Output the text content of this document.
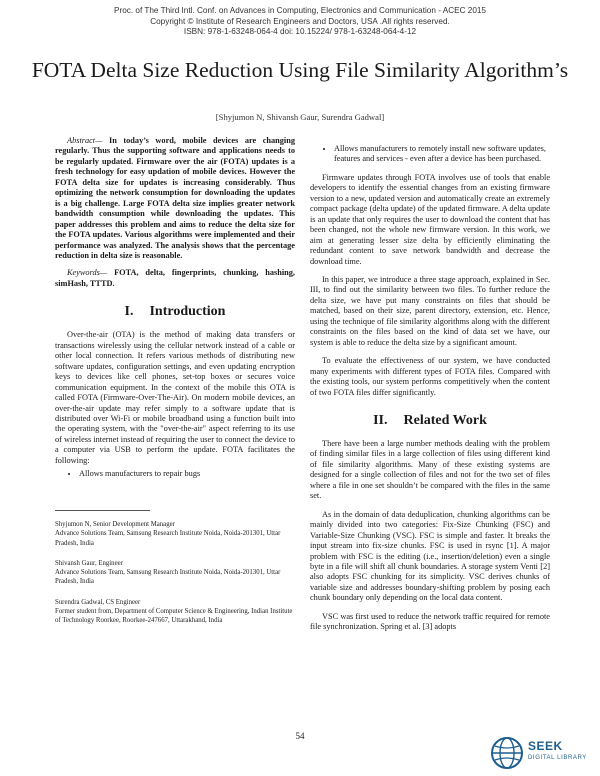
Proc. of The Third Intl. Conf. on Advances in Computing, Electronics and Communication - ACEC 2015
Copyright © Institute of Research Engineers and Doctors, USA .All rights reserved.
ISBN: 978-1-63248-064-4 doi: 10.15224/ 978-1-63248-064-4-12
FOTA Delta Size Reduction Using File Similarity Algorithm’s
[Shyjumon N, Shivansh Gaur, Surendra Gadwal]

Abstract— In today’s word, mobile devices are changing regularly. Thus the supporting software and applications needs to be regularly updated. Firmware over the air (FOTA) updates is a fresh technology for easy updation of mobile devices. However the FOTA delta size for updates is increasing considerably. Thus optimizing the network consumption for downloading the updates is a big challenge. Large FOTA delta size implies greater network bandwidth consumption while downloading the updates. This paper addresses this problem and aims to reduce the delta size for the FOTA updates. Various algorithms were implemented and their performance was analyzed. The analysis shows that the percentage reduction in delta size is reasonable.

Keywords— FOTA, delta, fingerprints, chunking, hashing, simHash, TTTD.

I. Introduction

Over-the-air (OTA) is the method of making data transfers or transactions wirelessly using the cellular network instead of a cable or other local connection. It refers various methods of distributing new software updates, configuration settings, and even updating encryption keys to devices like cell phones, set-top boxes or secures voice communication equipment. In the context of the mobile this OTA is called FOTA (Firmware-Over-The-Air). On modern mobile devices, an over-the-air update may refer simply to a software update that is distributed over Wi-Fi or mobile broadband using a function built into the operating system, with the "over-the-air" aspect referring to its use of wireless internet instead of requiring the user to connect the device to a computer via USB to perform the update. FOTA facilitates the following:

• Allows manufacturers to repair bugs
Shyjumon N, Senior Development Manager
Advance Solutions Team, Samsung Research Institute Noida, Noida-201301, Uttar Pradesh, India
Shivansh Gaur, Engineer
Advance Solutions Team, Samsung Research Institute Noida, Noida-201301, Uttar Pradesh, India
Surendra Gadwal, CS Engineer
Former student from, Department of Computer Science & Engineering, Indian Institute of Technology Roorkee, Roorkee-247667, Uttarakhand, India
• Allows manufacturers to remotely install new software updates, features and services - even after a device has been purchased.

Firmware updates through FOTA involves use of tools that enable developers to identify the essential changes from an existing firmware version to a new, updated version and automatically create an extremely compact package (delta update) of the updated firmware. A delta update is an update that only requires the user to download the content that has been changed, not the whole new firmware version. In this work, we aim at generating lesser size delta by efficiently eliminating the redundant content to save network bandwidth and decrease the download time.

In this paper, we introduce a three stage approach, explained in Sec. III, to find out the similarity between two files. To further reduce the delta size, we have put many constraints on files that should be matched, based on their size, parent directory, extension, etc. Hence, using the technique of file similarity algorithms along with the different constraints on the files based on the kind of data set we have, our system is able to reduce the delta size by a significant amount.

To evaluate the effectiveness of our system, we have conducted many experiments with different types of FOTA files. Compared with the existing tools, our system performs competitively when the content of two FOTA files differ significantly.

II. Related Work

There have been a large number methods dealing with the problem of finding similar files in a large collection of files using different kind of file similarity algorithms. Many of these existing systems are designed for a single collection of files and not for the two set of files where a file in one set shouldn’t be compared with the files in the same set.

As in the domain of data deduplication, chunking algorithms can be mainly divided into two categories: Fix-Size Chunking (FSC) and Variable-Size Chunking (VSC). FSC is simple and faster. It breaks the input stream into fix-size chunks. FSC is used in rsync [1]. A major problem with FSC is the editing (i.e., insertion/deletion) even a single byte in a file will shift all chunk boundaries. A storage system Venti [2] also adopts FSC chunking for its simplicity. VSC derives chunks of variable size and addresses boundary-shifting problem by posing each chunk boundary only depending on the local data content.

VSC was first used to reduce the network traffic required for remote file synchronization. Spring et al. [3] adopts

54
SEEK
DIGITAL LIBRARY
